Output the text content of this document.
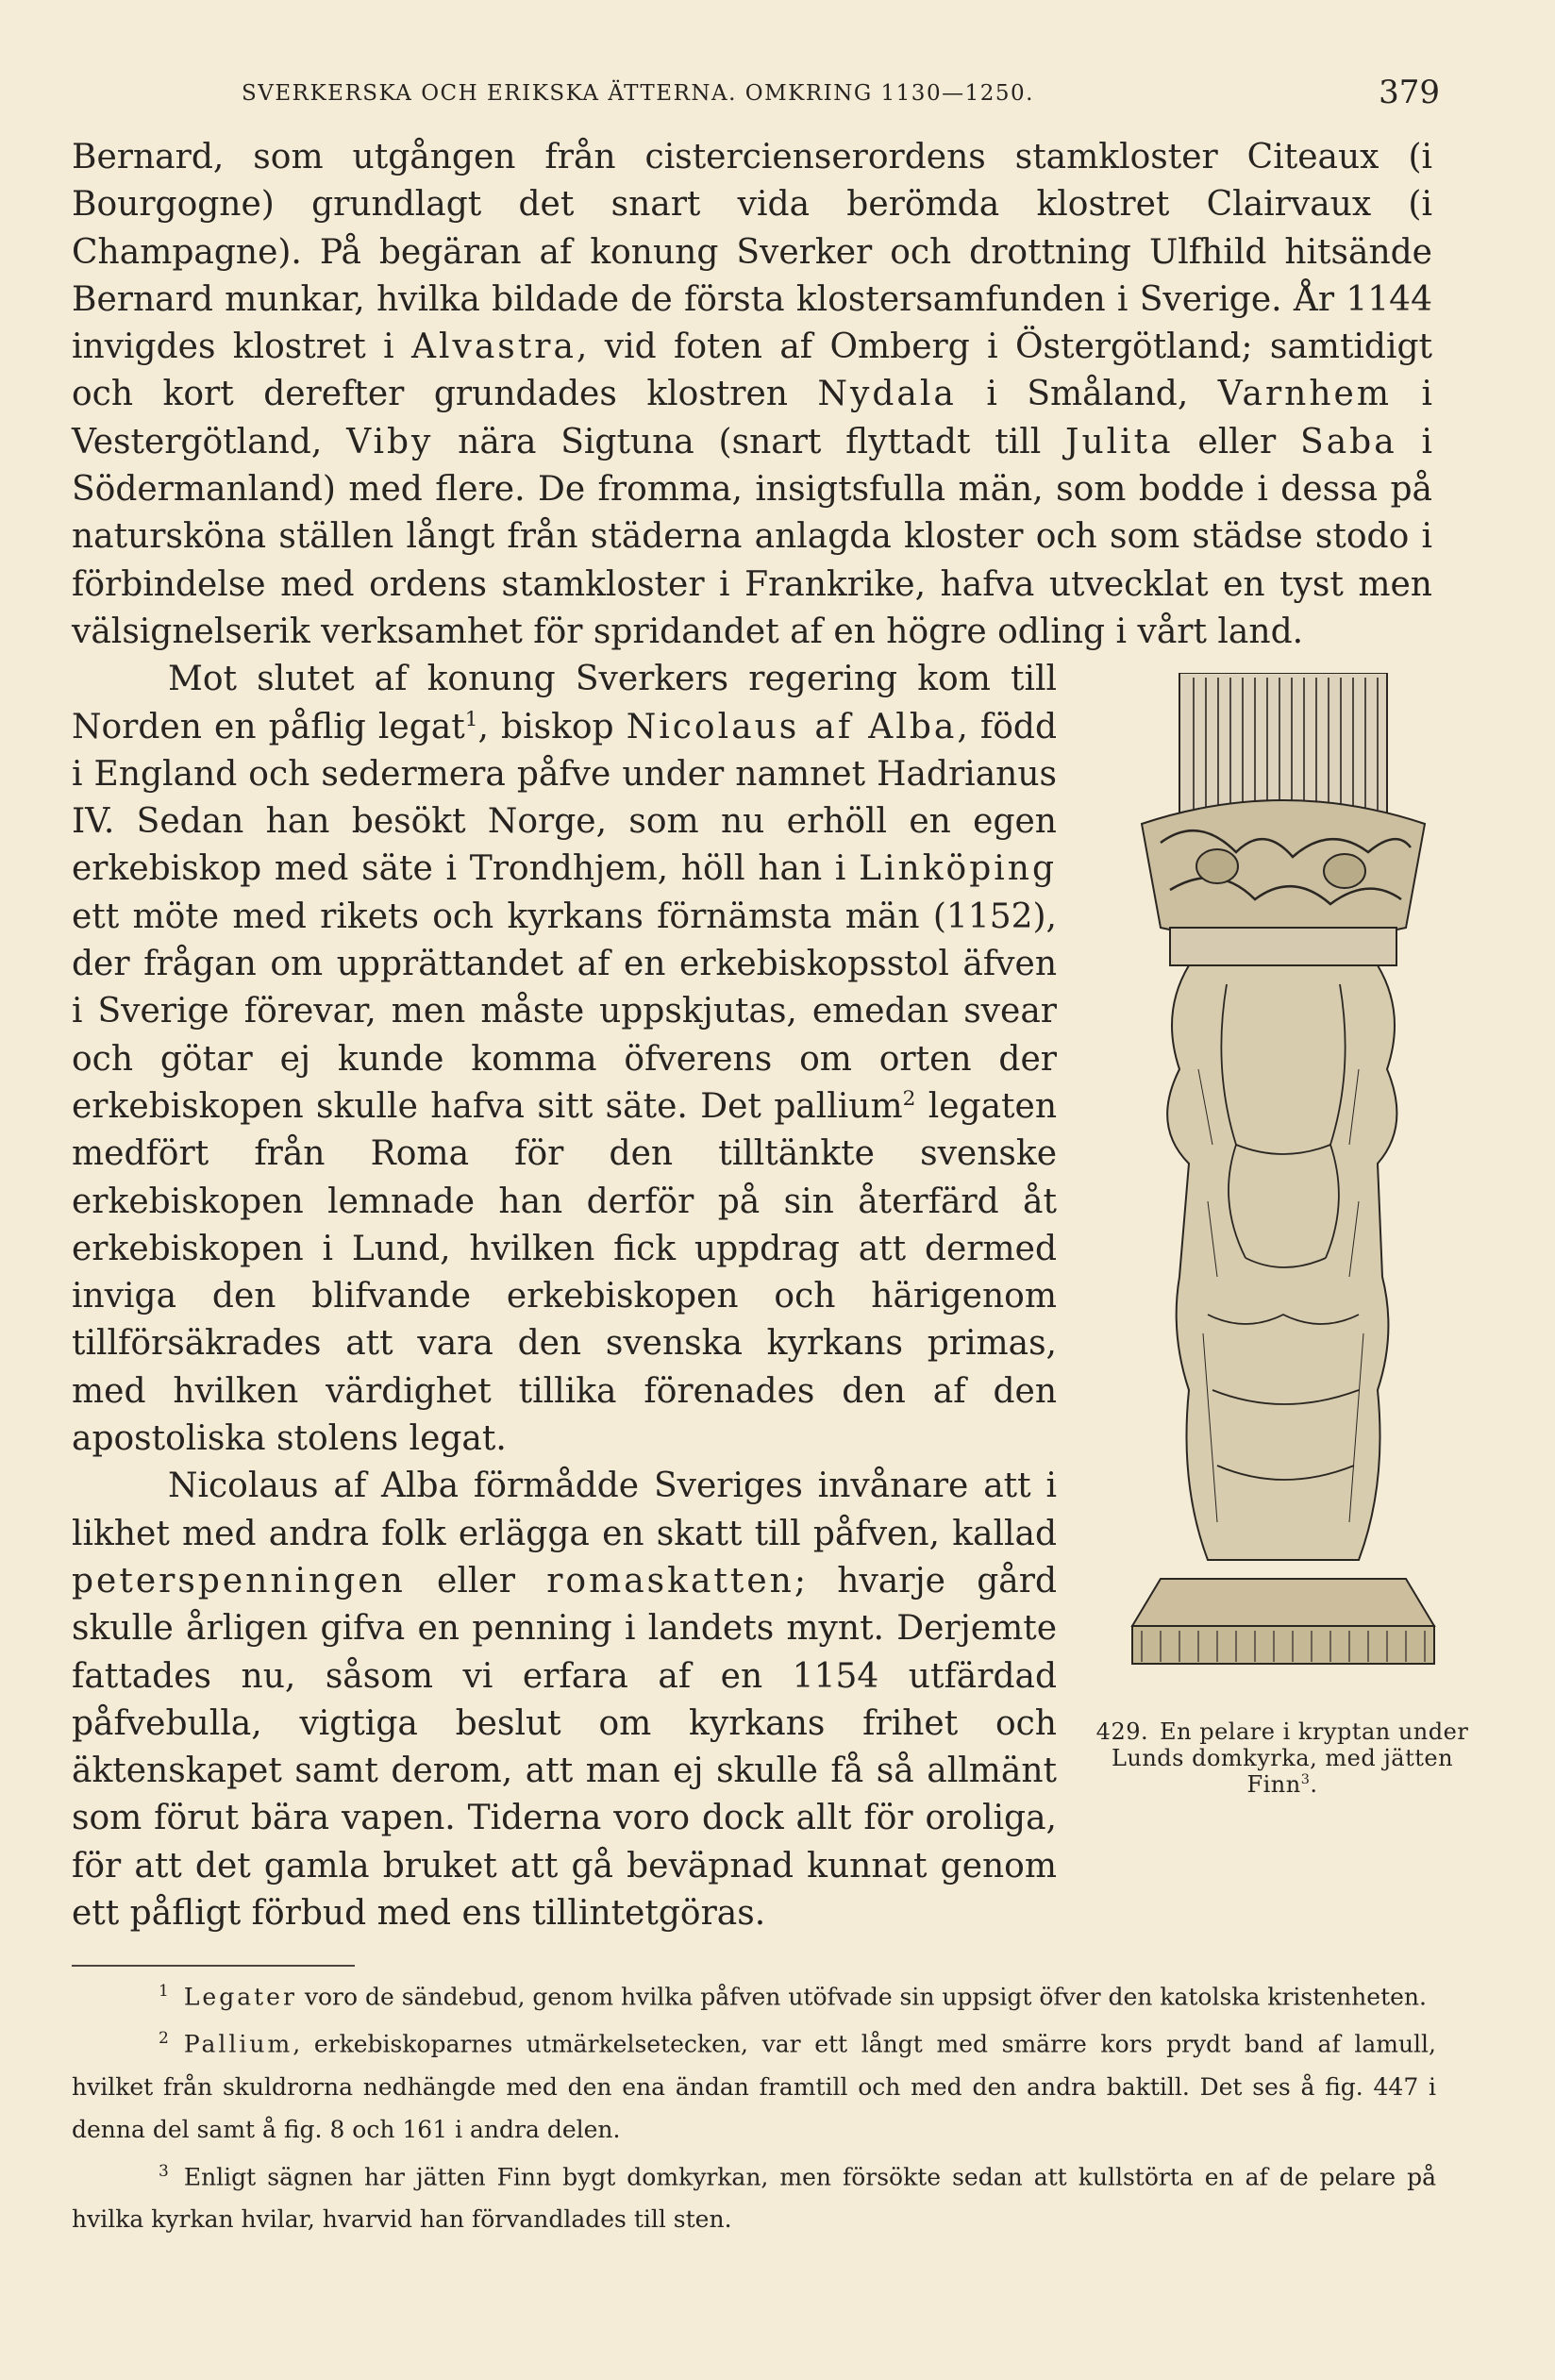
SVERKERSKA OCH ERIKSKA ÄTTERNA. OMKRING 1130—1250.	379

Bernard, som utgången från cistercienserordens stamkloster Citeaux (i Bourgogne) grundlagt det snart vida berömda klostret Clairvaux (i Champagne). På begäran af konung Sverker och drottning Ulfhild hitsände Bernard munkar, hvilka bildade de första klostersamfunden i Sverige. År 1144 invigdes klostret i Alvastra, vid foten af Omberg i Östergötland; samtidigt och kort derefter grundades klostren Nydala i Småland, Varnhem i Vestergötland, Viby nära Sigtuna (snart flyttadt till Julita eller Saba i Södermanland) med flere. De fromma, insigtsfulla män, som bodde i dessa på natursköna ställen långt från städerna anlagda kloster och som städse stodo i förbindelse med ordens stamkloster i Frankrike, hafva utvecklat en tyst men välsignelserik verksamhet för spridandet af en högre odling i vårt land.

429. En pelare i kryptan under Lunds domkyrka, med jätten Finn$^3$.

Mot slutet af konung Sverkers regering kom till Norden en påflig legat$^1$, biskop Nicolaus af Alba, född i England och sedermera påfve under namnet Hadrianus IV. Sedan han besökt Norge, som nu erhöll en egen erkebiskop med säte i Trondhjem, höll han i Linköping ett möte med rikets och kyrkans förnämsta män (1152), der frågan om upprättandet af en erkebiskopsstol äfven i Sverige förevar, men måste uppskjutas, emedan svear och götar ej kunde komma öfverens om orten der erkebiskopen skulle hafva sitt säte. Det pallium$^2$ legaten medfört från Roma för den tilltänkte svenske erkebiskopen lemnade han derför på sin återfärd åt erkebiskopen i Lund, hvilken fick uppdrag att dermed inviga den blifvande erkebiskopen och härigenom tillförsäkrades att vara den svenska kyrkans primas, med hvilken värdighet tillika förenades den af den apostoliska stolens legat.

Nicolaus af Alba förmådde Sveriges invånare att i likhet med andra folk erlägga en skatt till påfven, kallad peterspenningen eller romaskatten; hvarje gård skulle årligen gifva en penning i landets mynt. Derjemte fattades nu, såsom vi erfara af en 1154 utfärdad påfvebulla, vigtiga beslut om kyrkans frihet och äktenskapet samt derom, att man ej skulle få så allmänt som förut bära vapen. Tiderna voro dock allt för oroliga, för att det gamla bruket att gå beväpnad kunnat genom ett påfligt förbud med ens tillintetgöras.

$^1$ Legater voro de sändebud, genom hvilka påfven utöfvade sin uppsigt öfver den katolska kristenheten.

$^2$ Pallium, erkebiskoparnes utmärkelsetecken, var ett långt med smärre kors prydt band af lamull, hvilket från skuldrorna nedhängde med den ena ändan framtill och med den andra baktill. Det ses å fig. 447 i denna del samt å fig. 8 och 161 i andra delen.

$^3$ Enligt sägnen har jätten Finn bygt domkyrkan, men försökte sedan att kullstörta en af de pelare på hvilka kyrkan hvilar, hvarvid han förvandlades till sten.
